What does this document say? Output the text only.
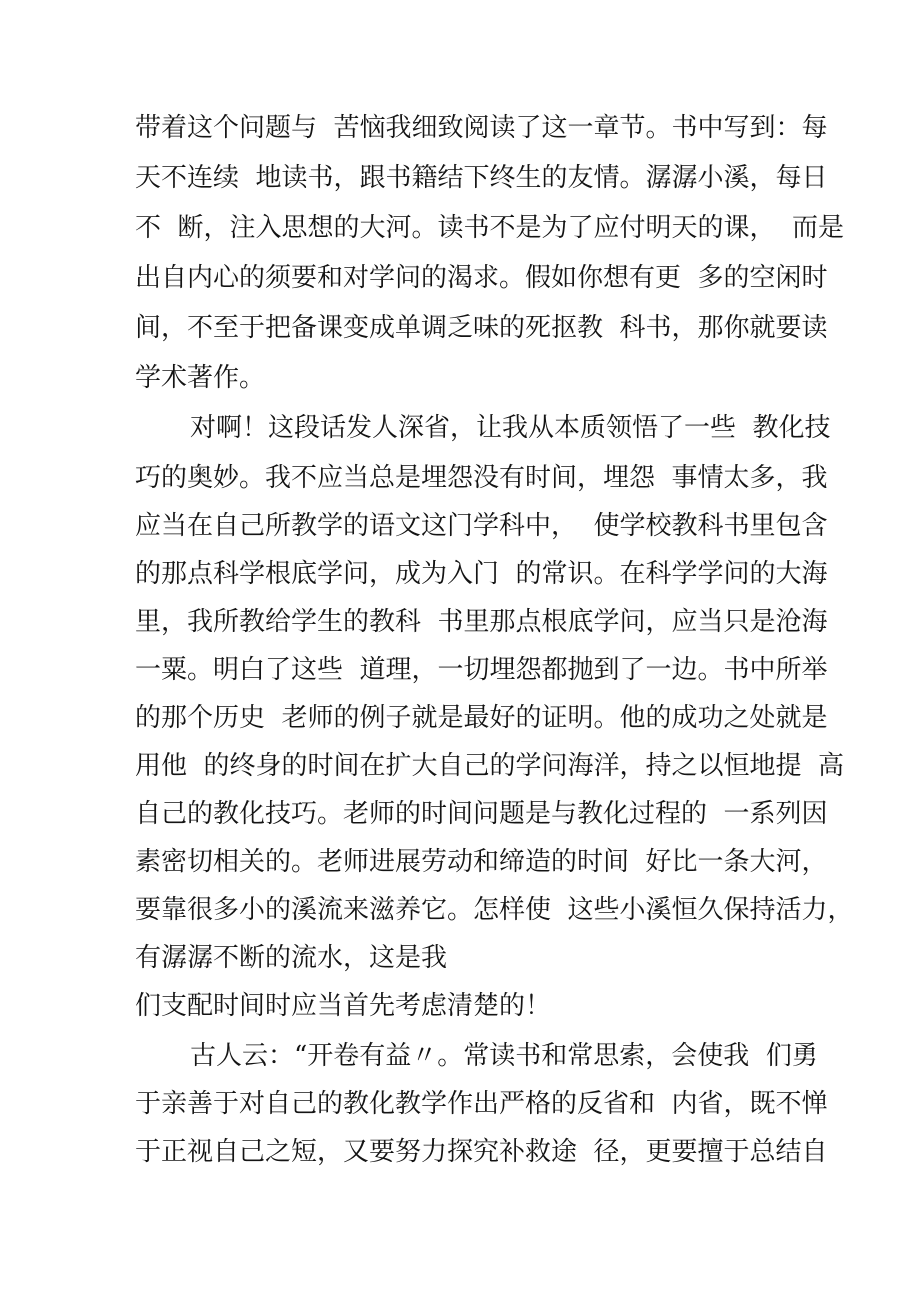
带着这个问题与  苦恼我细致阅读了这一章节。书中写到：每
天不连续  地读书，跟书籍结下终生的友情。潺潺小溪，每日
不  断，注入思想的大河。读书不是为了应付明天的课，  而是
出自内心的须要和对学问的渴求。假如你想有更  多的空闲时
间，不至于把备课变成单调乏味的死抠教  科书，那你就要读
学术著作。
对啊！这段话发人深省，让我从本质领悟了一些  教化技
巧的奥妙。我不应当总是埋怨没有时间，埋怨  事情太多，我
应当在自己所教学的语文这门学科中，  使学校教科书里包含
的那点科学根底学问，成为入门  的常识。在科学学问的大海
里，我所教给学生的教科  书里那点根底学问，应当只是沧海
一粟。明白了这些  道理，一切埋怨都抛到了一边。书中所举
的那个历史  老师的例子就是最好的证明。他的成功之处就是
用他  的终身的时间在扩大自己的学问海洋，持之以恒地提  高
自己的教化技巧。老师的时间问题是与教化过程的  一系列因
素密切相关的。老师进展劳动和缔造的时间  好比一条大河，
要靠很多小的溪流来滋养它。怎样使  这些小溪恒久保持活力，
有潺潺不断的流水，这是我
们支配时间时应当首先考虑清楚的！
古人云：“开卷有益〃。常读书和常思索，会使我  们勇
于亲善于对自己的教化教学作出严格的反省和  内省，既不惮
于正视自己之短，又要努力探究补救途  径，更要擅于总结自
